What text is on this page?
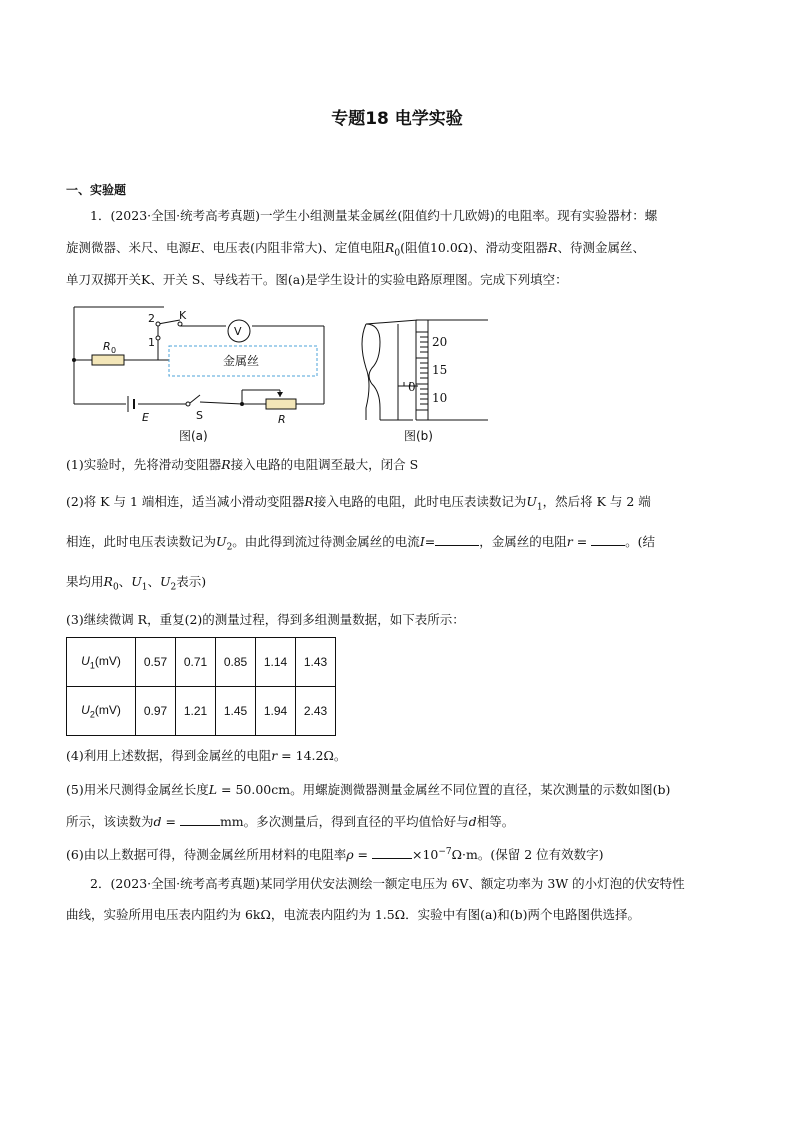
专题18 电学实验
一、实验题
1．(2023·全国·统考高考真题)一学生小组测量某金属丝(阻值约十几欧姆)的电阻率。现有实验器材：螺
旋测微器、米尺、电源E、电压表(内阻非常大)、定值电阻$R_0$(阻值10.0Ω)、滑动变阻器R、待测金属丝、
单刀双掷开关K、开关 S、导线若干。图(a)是学生设计的实验电路原理图。完成下列填空：
V
K
2
1
金属丝
R 0
E	S	R
图(a)
20
15
10
0
图(b)
(1)实验时，先将滑动变阻器R接入电路的电阻调至最大，闭合 S
(2)将 K 与 1 端相连，适当减小滑动变阻器R接入电路的电阻，此时电压表读数记为$U_1$，然后将 K 与 2 端
相连，此时电压表读数记为$U_2$。由此得到流过待测金属丝的电流I=	，金属丝的电阻r =	。(结
果均用$R_0$、$U_1$、$U_2$表示)
(3)继续微调 R，重复(2)的测量过程，得到多组测量数据，如下表所示：
$U_1(mV)$	0.57	0.71	0.85	1.14	1.43
$U_2(mV)$	0.97	1.21	1.45	1.94	2.43
(4)利用上述数据，得到金属丝的电阻r = 14.2Ω。
(5)用米尺测得金属丝长度L = 50.00cm。用螺旋测微器测量金属丝不同位置的直径，某次测量的示数如图(b)
所示，该读数为d =	mm。多次测量后，得到直径的平均值恰好与d相等。
(6)由以上数据可得，待测金属丝所用材料的电阻率ρ =	$\times 10^{-7}\Omega\cdot m$。(保留 2 位有效数字)
2．(2023·全国·统考高考真题)某同学用伏安法测绘一额定电压为 6V、额定功率为 3W 的小灯泡的伏安特性
曲线，实验所用电压表内阻约为 6kΩ，电流表内阻约为 1.5Ω．实验中有图(a)和(b)两个电路图供选择。
